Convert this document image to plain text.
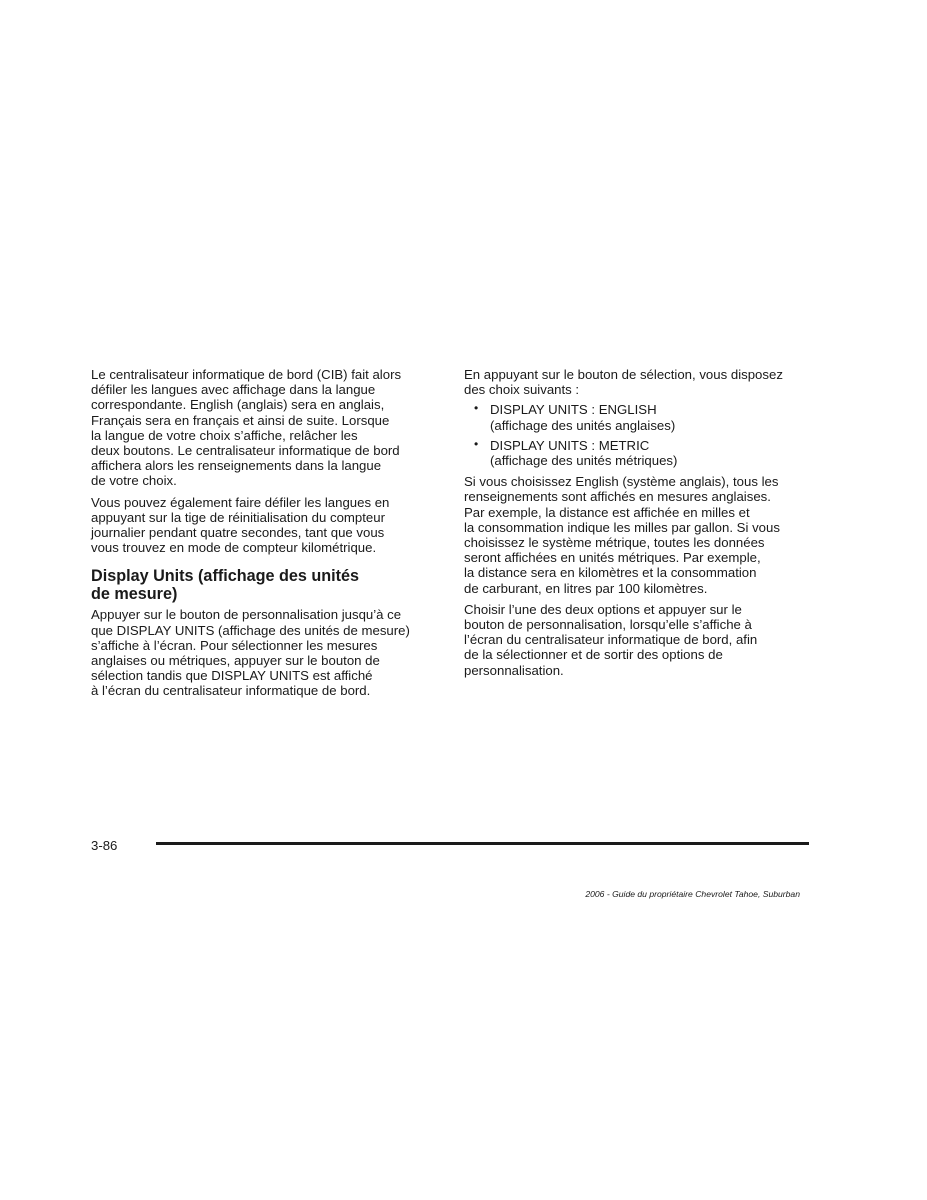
Le centralisateur informatique de bord (CIB) fait alors
défiler les langues avec affichage dans la langue
correspondante. English (anglais) sera en anglais,
Français sera en français et ainsi de suite. Lorsque
la langue de votre choix s’affiche, relâcher les
deux boutons. Le centralisateur informatique de bord
affichera alors les renseignements dans la langue
de votre choix.

Vous pouvez également faire défiler les langues en
appuyant sur la tige de réinitialisation du compteur
journalier pendant quatre secondes, tant que vous
vous trouvez en mode de compteur kilométrique.

Display Units (affichage des unités
de mesure)

Appuyer sur le bouton de personnalisation jusqu’à ce
que DISPLAY UNITS (affichage des unités de mesure)
s’affiche à l’écran. Pour sélectionner les mesures
anglaises ou métriques, appuyer sur le bouton de
sélection tandis que DISPLAY UNITS est affiché
à l’écran du centralisateur informatique de bord.

En appuyant sur le bouton de sélection, vous disposez
des choix suivants :

• DISPLAY UNITS : ENGLISH
(affichage des unités anglaises)
• DISPLAY UNITS : METRIC
(affichage des unités métriques)

Si vous choisissez English (système anglais), tous les
renseignements sont affichés en mesures anglaises.
Par exemple, la distance est affichée en milles et
la consommation indique les milles par gallon. Si vous
choisissez le système métrique, toutes les données
seront affichées en unités métriques. Par exemple,
la distance sera en kilomètres et la consommation
de carburant, en litres par 100 kilomètres.

Choisir l’une des deux options et appuyer sur le
bouton de personnalisation, lorsqu’elle s’affiche à
l’écran du centralisateur informatique de bord, afin
de la sélectionner et de sortir des options de
personnalisation.

3-86
2006 - Guide du propriétaire Chevrolet Tahoe, Suburban
